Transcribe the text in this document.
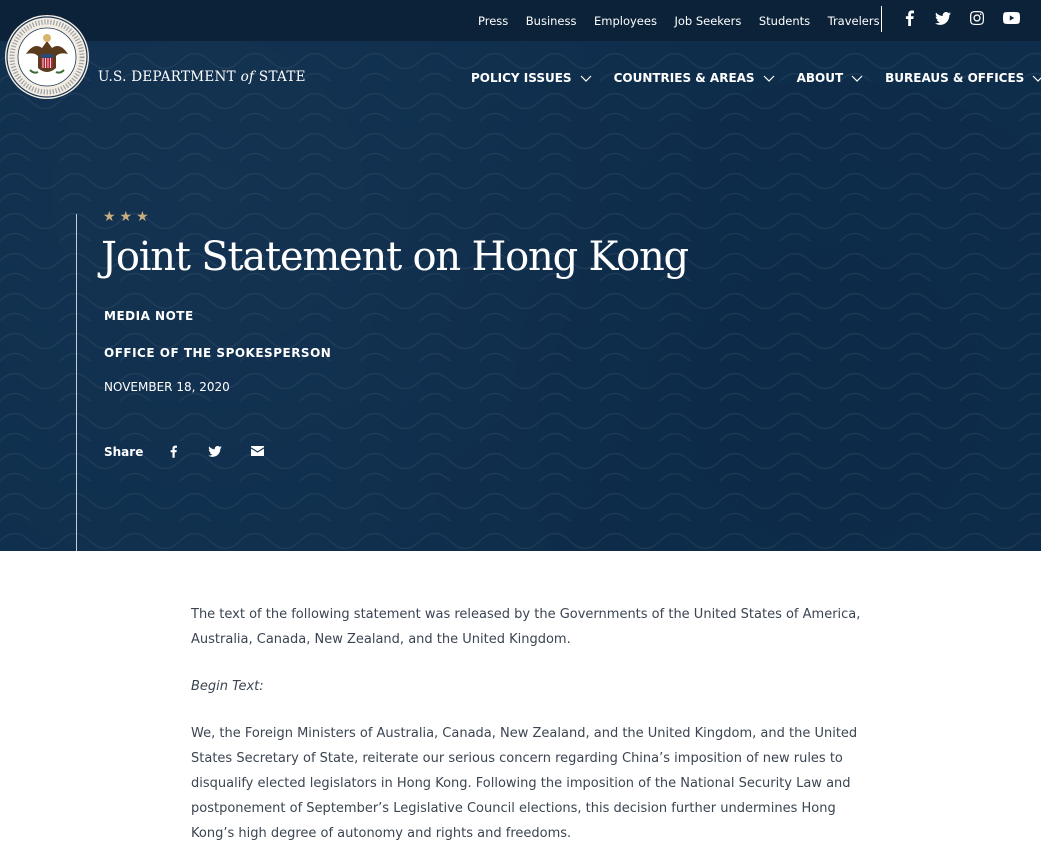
Press Business Employees Job Seekers Students Travelers
U.S. DEPARTMENT of STATE	POLICY ISSUES	COUNTRIES & AREAS	ABOUT	BUREAUS & OFFICES
★★★
Joint Statement on Hong Kong
MEDIA NOTE
OFFICE OF THE SPOKESPERSON
NOVEMBER 18, 2020
Share

The text of the following statement was released by the Governments of the United States of America, Australia, Canada, New Zealand, and the United Kingdom.

Begin Text:

We, the Foreign Ministers of Australia, Canada, New Zealand, and the United Kingdom, and the United States Secretary of State, reiterate our serious concern regarding China’s imposition of new rules to disqualify elected legislators in Hong Kong. Following the imposition of the National Security Law and postponement of September’s Legislative Council elections, this decision further undermines Hong Kong’s high degree of autonomy and rights and freedoms.
